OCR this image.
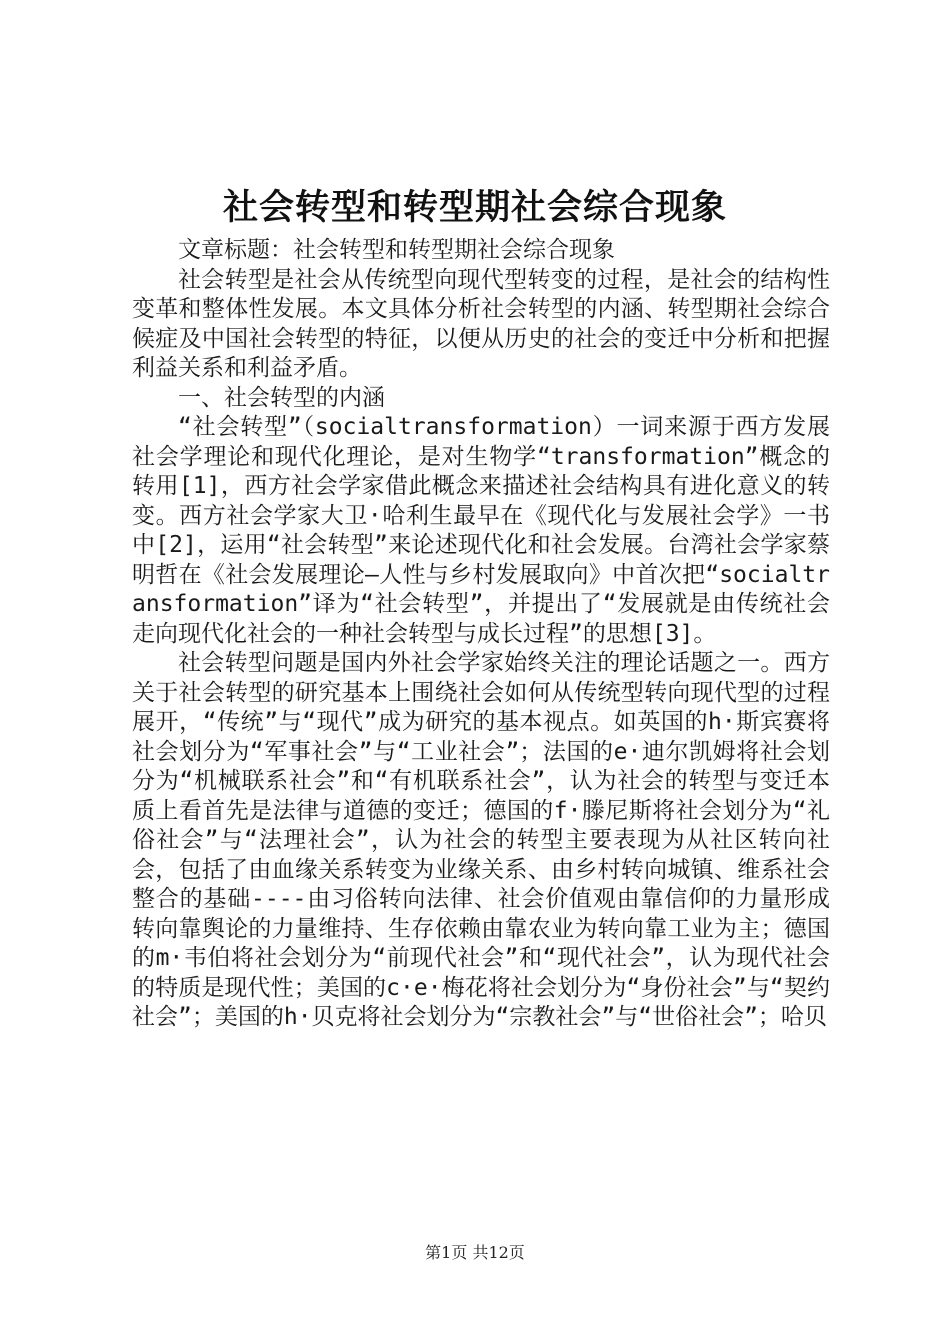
社会转型和转型期社会综合现象

文章标题：社会转型和转型期社会综合现象

社会转型是社会从传统型向现代型转变的过程，是社会的结构性变革和整体性发展。本文具体分析社会转型的内涵、转型期社会综合候症及中国社会转型的特征，以便从历史的社会的变迁中分析和把握利益关系和利益矛盾。

一、社会转型的内涵

“社会转型”（socialtransformation）一词来源于西方发展社会学理论和现代化理论，是对生物学“transformation”概念的转用[1]，西方社会学家借此概念来描述社会结构具有进化意义的转变。西方社会学家大卫·哈利生最早在《现代化与发展社会学》一书中[2]，运用“社会转型”来论述现代化和社会发展。台湾社会学家蔡明哲在《社会发展理论—人性与乡村发展取向》中首次把“socialtransformation”译为“社会转型”，并提出了“发展就是由传统社会走向现代化社会的一种社会转型与成长过程”的思想[3]。

社会转型问题是国内外社会学家始终关注的理论话题之一。西方关于社会转型的研究基本上围绕社会如何从传统型转向现代型的过程展开，“传统”与“现代”成为研究的基本视点。如英国的h·斯宾赛将社会划分为“军事社会”与“工业社会”；法国的e·迪尔凯姆将社会划分为“机械联系社会”和“有机联系社会”，认为社会的转型与变迁本质上看首先是法律与道德的变迁；德国的f·滕尼斯将社会划分为“礼俗社会”与“法理社会”，认为社会的转型主要表现为从社区转向社会，包括了由血缘关系转变为业缘关系、由乡村转向城镇、维系社会整合的基础----由习俗转向法律、社会价值观由靠信仰的力量形成转向靠舆论的力量维持、生存依赖由靠农业为转向靠工业为主；德国的m·韦伯将社会划分为“前现代社会”和“现代社会”，认为现代社会的特质是现代性；美国的c·e·梅花将社会划分为“身份社会”与“契约社会”；美国的h·贝克将社会划分为“宗教社会”与“世俗社会”；哈贝

第1页 共12页
